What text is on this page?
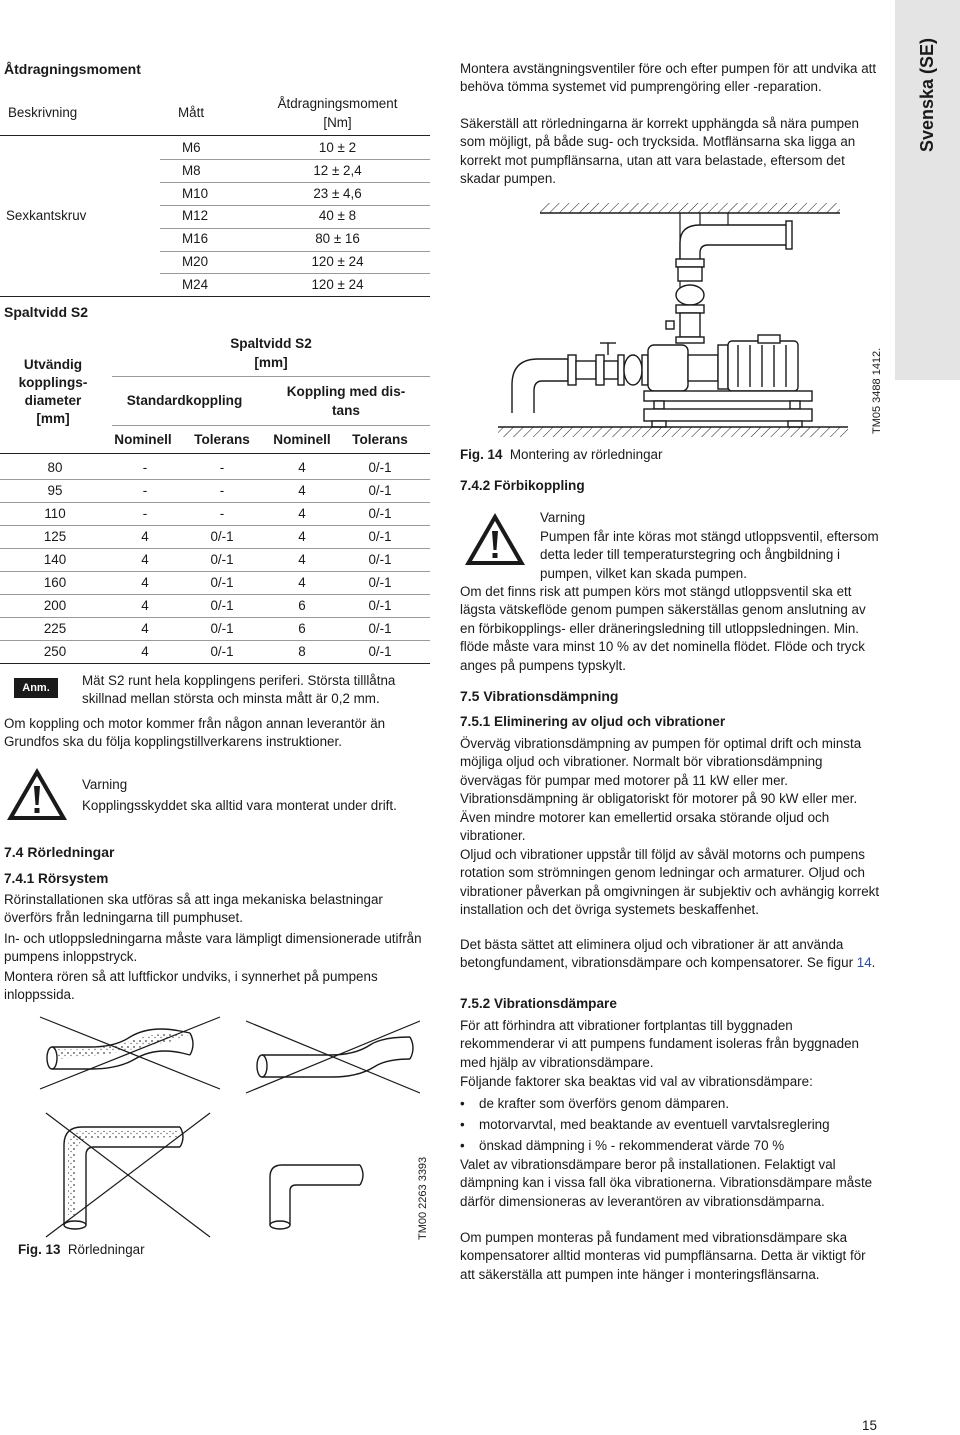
Svenska (SE)
Åtdragningsmoment
Beskrivning	Mått
Åtdragningsmoment
[Nm]
Sexkantskruv
M6	10 ± 2
M8	12 ± 2,4
M10	23 ± 4,6
M12	40 ± 8
M16	80 ± 16
M20	120 ± 24
M24	120 ± 24
Spaltvidd S2
Utvändig
kopplings-
diameter
[mm]
Spaltvidd S2
[mm]
Standardkoppling
Koppling med dis-
tans
Nominell	Tolerans	Nominell	Tolerans
80	-	-	4	0/-1
95	-	-	4	0/-1
110	-	-	4	0/-1
125	4	0/-1	4	0/-1
140	4	0/-1	4	0/-1
160	4	0/-1	4	0/-1
200	4	0/-1	6	0/-1
225	4	0/-1	6	0/-1
250	4	0/-1	8	0/-1
Anm.	Mät S2 runt hela kopplingens periferi. Största tilllåtna
skillnad mellan största och minsta mått är 0,2 mm.

Om koppling och motor kommer från någon annan leverantör än Grundfos ska du följa kopplingstillverkarens instruktioner.

Varning
Kopplingsskyddet ska alltid vara monterat under drift.
7.4 Rörledningar
7.4.1 Rörsystem

Rörinstallationen ska utföras så att inga mekaniska belastningar överförs från ledningarna till pumphuset.

In- och utloppsledningarna måste vara lämpligt dimensionerade utifrån pumpens inloppstryck.

Montera rören så att luftfickor undviks, i synnerhet på pumpens inloppssida.

TM00 2263 3393
Fig. 13 Rörledningar

Montera avstängningsventiler före och efter pumpen för att undvika att behöva tömma systemet vid pumprengöring eller -reparation.

Säkerställ att rörledningarna är korrekt upphängda så nära pumpen som möjligt, på både sug- och trycksida. Motflänsarna ska ligga an korrekt mot pumpflänsarna, utan att vara belastade, eftersom det skadar pumpen.

TM05 3488 1412.
Fig. 14 Montering av rörledningar
7.4.2 Förbikoppling
Varning

Pumpen får inte köras mot stängd utloppsventil, eftersom detta leder till temperaturstegring och ångbildning i pumpen, vilket kan skada pumpen.

Om det finns risk att pumpen körs mot stängd utloppsventil ska ett lägsta vätskeflöde genom pumpen säkerställas genom anslutning av en förbikopplings- eller dräneringsledning till utloppsledningen. Min. flöde måste vara minst 10 % av det nominella flödet. Flöde och tryck anges på pumpens typskylt.

7.5 Vibrationsdämpning
7.5.1 Eliminering av oljud och vibrationer

Överväg vibrationsdämpning av pumpen för optimal drift och minsta möjliga oljud och vibrationer. Normalt bör vibrationsdämpning övervägas för pumpar med motorer på 11 kW eller mer. Vibrationsdämpning är obligatoriskt för motorer på 90 kW eller mer. Även mindre motorer kan emellertid orsaka störande oljud och vibrationer.

Oljud och vibrationer uppstår till följd av såväl motorns och pumpens rotation som strömningen genom ledningar och armaturer. Oljud och vibrationer påverkan på omgivningen är subjektiv och avhängig korrekt installation och det övriga systemets beskaffenhet.

Det bästa sättet att eliminera oljud och vibrationer är att använda betongfundament, vibrationsdämpare och kompensatorer. Se figur 14.

7.5.2 Vibrationsdämpare

För att förhindra att vibrationer fortplantas till byggnaden rekommenderar vi att pumpens fundament isoleras från byggnaden med hjälp av vibrationsdämpare.

Följande faktorer ska beaktas vid val av vibrationsdämpare:

• de krafter som överförs genom dämparen.
• motorvarvtal, med beaktande av eventuell varvtalsreglering
• önskad dämpning i % - rekommenderat värde 70 %

Valet av vibrationsdämpare beror på installationen. Felaktigt val dämpning kan i vissa fall öka vibrationerna. Vibrationsdämpare måste därför dimensioneras av leverantören av vibrationsdämparna.

Om pumpen monteras på fundament med vibrationsdämpare ska kompensatorer alltid monteras vid pumpflänsarna. Detta är viktigt för att säkerställa att pumpen inte hänger i monteringsflänsarna.

15
